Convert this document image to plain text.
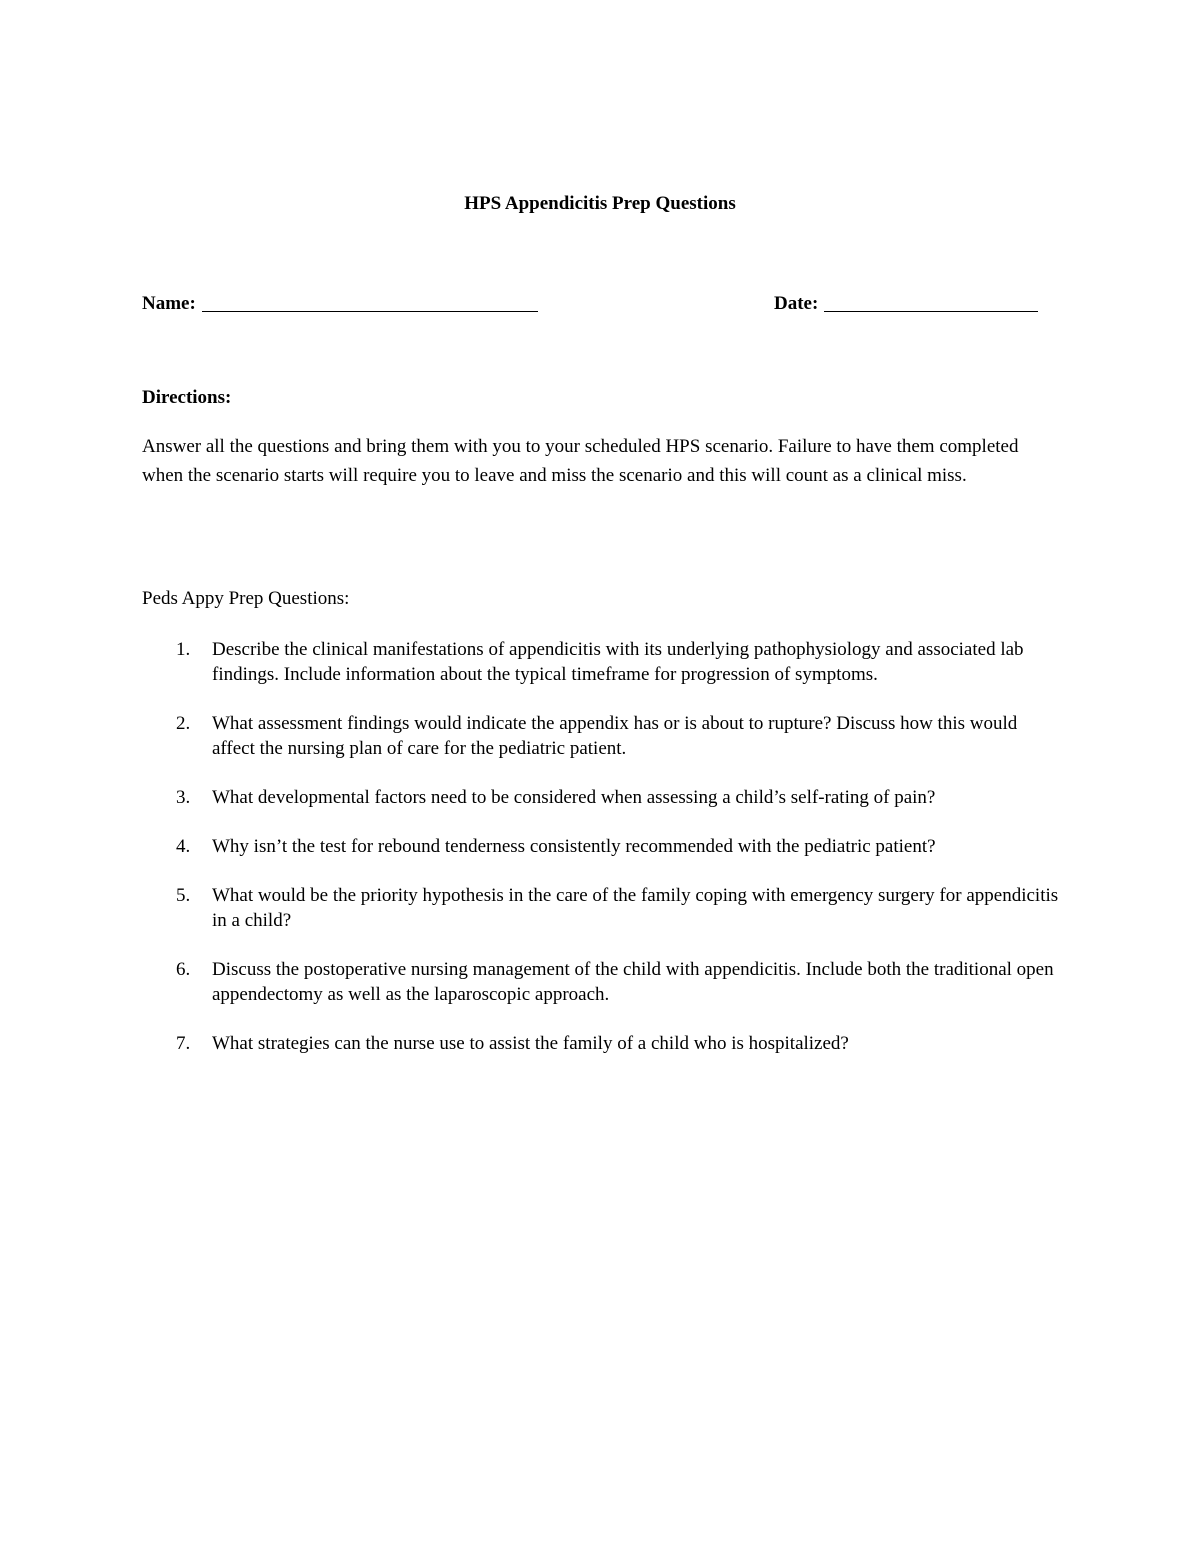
HPS Appendicitis Prep Questions
Name:	Date:
Directions:
Answer all the questions and bring them with you to your scheduled HPS scenario. Failure to have them completed when the scenario starts will require you to leave and miss the scenario and this will count as a clinical miss.
Peds Appy Prep Questions:
1. Describe the clinical manifestations of appendicitis with its underlying pathophysiology and associated lab findings. Include information about the typical timeframe for progression of symptoms.
2. What assessment findings would indicate the appendix has or is about to rupture? Discuss how this would affect the nursing plan of care for the pediatric patient.
3. What developmental factors need to be considered when assessing a child’s self-rating of pain?
4. Why isn’t the test for rebound tenderness consistently recommended with the pediatric patient?
5. What would be the priority hypothesis in the care of the family coping with emergency surgery for appendicitis in a child?
6. Discuss the postoperative nursing management of the child with appendicitis. Include both the traditional open appendectomy as well as the laparoscopic approach.
7. What strategies can the nurse use to assist the family of a child who is hospitalized?
